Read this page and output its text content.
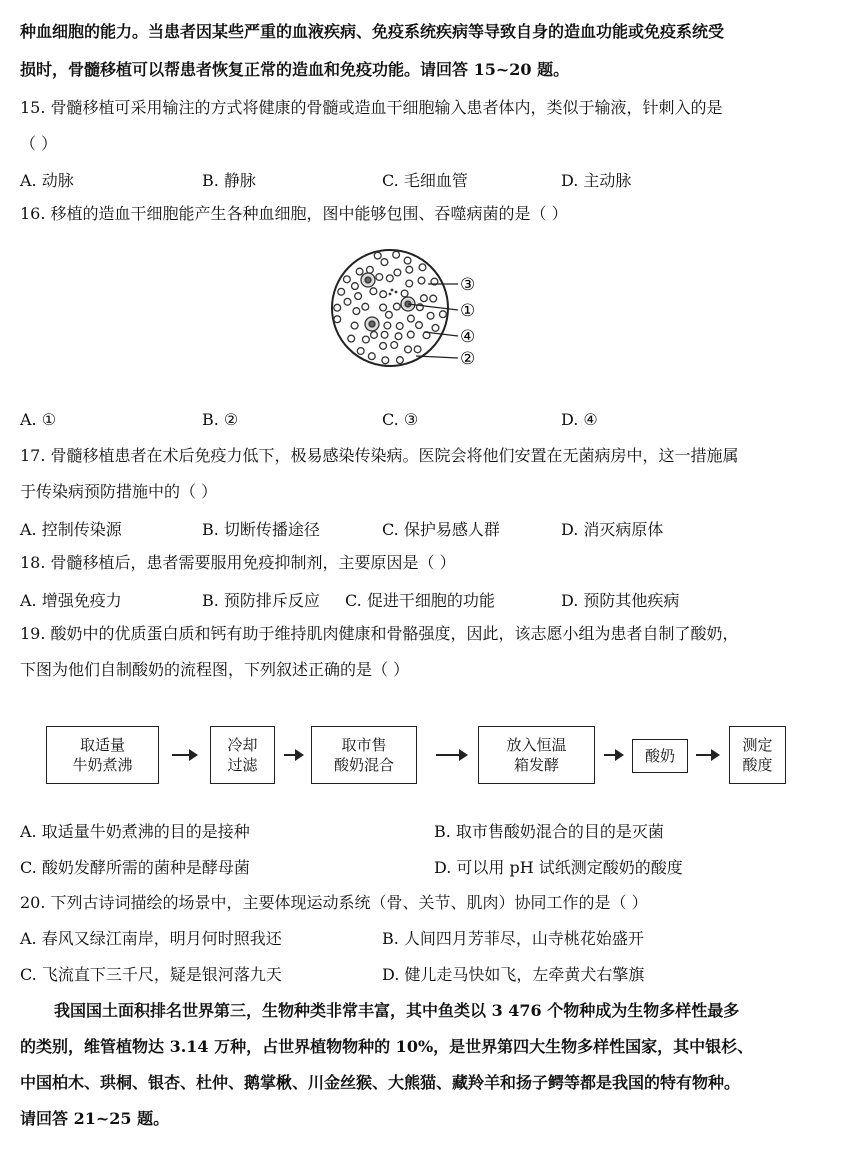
种血细胞的能力。当患者因某些严重的血液疾病、免疫系统疾病等导致自身的造血功能或免疫系统受
损时，骨髓移植可以帮患者恢复正常的造血和免疫功能。请回答 15~20 题。
15. 骨髓移植可采用输注的方式将健康的骨髓或造血干细胞输入患者体内，类似于输液，针刺入的是
（ ）
A. 动脉	B. 静脉	C. 毛细血管	D. 主动脉
16. 移植的造血干细胞能产生各种血细胞，图中能够包围、吞噬病菌的是（ ）
③
①
④
②
A. ①	B. ②	C. ③	D. ④
17. 骨髓移植患者在术后免疫力低下，极易感染传染病。医院会将他们安置在无菌病房中，这一措施属
于传染病预防措施中的（ ）
A. 控制传染源	B. 切断传播途径	C. 保护易感人群	D. 消灭病原体
18. 骨髓移植后，患者需要服用免疫抑制剂，主要原因是（ ）
A. 增强免疫力	B. 预防排斥反应 C. 促进干细胞的功能	D. 预防其他疾病
19. 酸奶中的优质蛋白质和钙有助于维持肌肉健康和骨骼强度，因此，该志愿小组为患者自制了酸奶，
下图为他们自制酸奶的流程图，下列叙述正确的是（ ）
取适量
牛奶煮沸
冷却
过滤
取市售
酸奶混合
放入恒温
箱发酵	酸奶
测定
酸度
A. 取适量牛奶煮沸的目的是接种	B. 取市售酸奶混合的目的是灭菌
C. 酸奶发酵所需的菌种是酵母菌	D. 可以用 pH 试纸测定酸奶的酸度
20. 下列古诗词描绘的场景中，主要体现运动系统（骨、关节、肌肉）协同工作的是（ ）
A. 春风又绿江南岸，明月何时照我还	B. 人间四月芳菲尽，山寺桃花始盛开
C. 飞流直下三千尺，疑是银河落九天	D. 健儿走马快如飞，左牵黄犬右擎旗
我国国土面积排名世界第三，生物种类非常丰富，其中鱼类以 3 476 个物种成为生物多样性最多
的类别，维管植物达 3.14 万种，占世界植物物种的 10%，是世界第四大生物多样性国家，其中银杉、
中国柏木、珙桐、银杏、杜仲、鹅掌楸、川金丝猴、大熊猫、藏羚羊和扬子鳄等都是我国的特有物种。
请回答 21~25 题。
